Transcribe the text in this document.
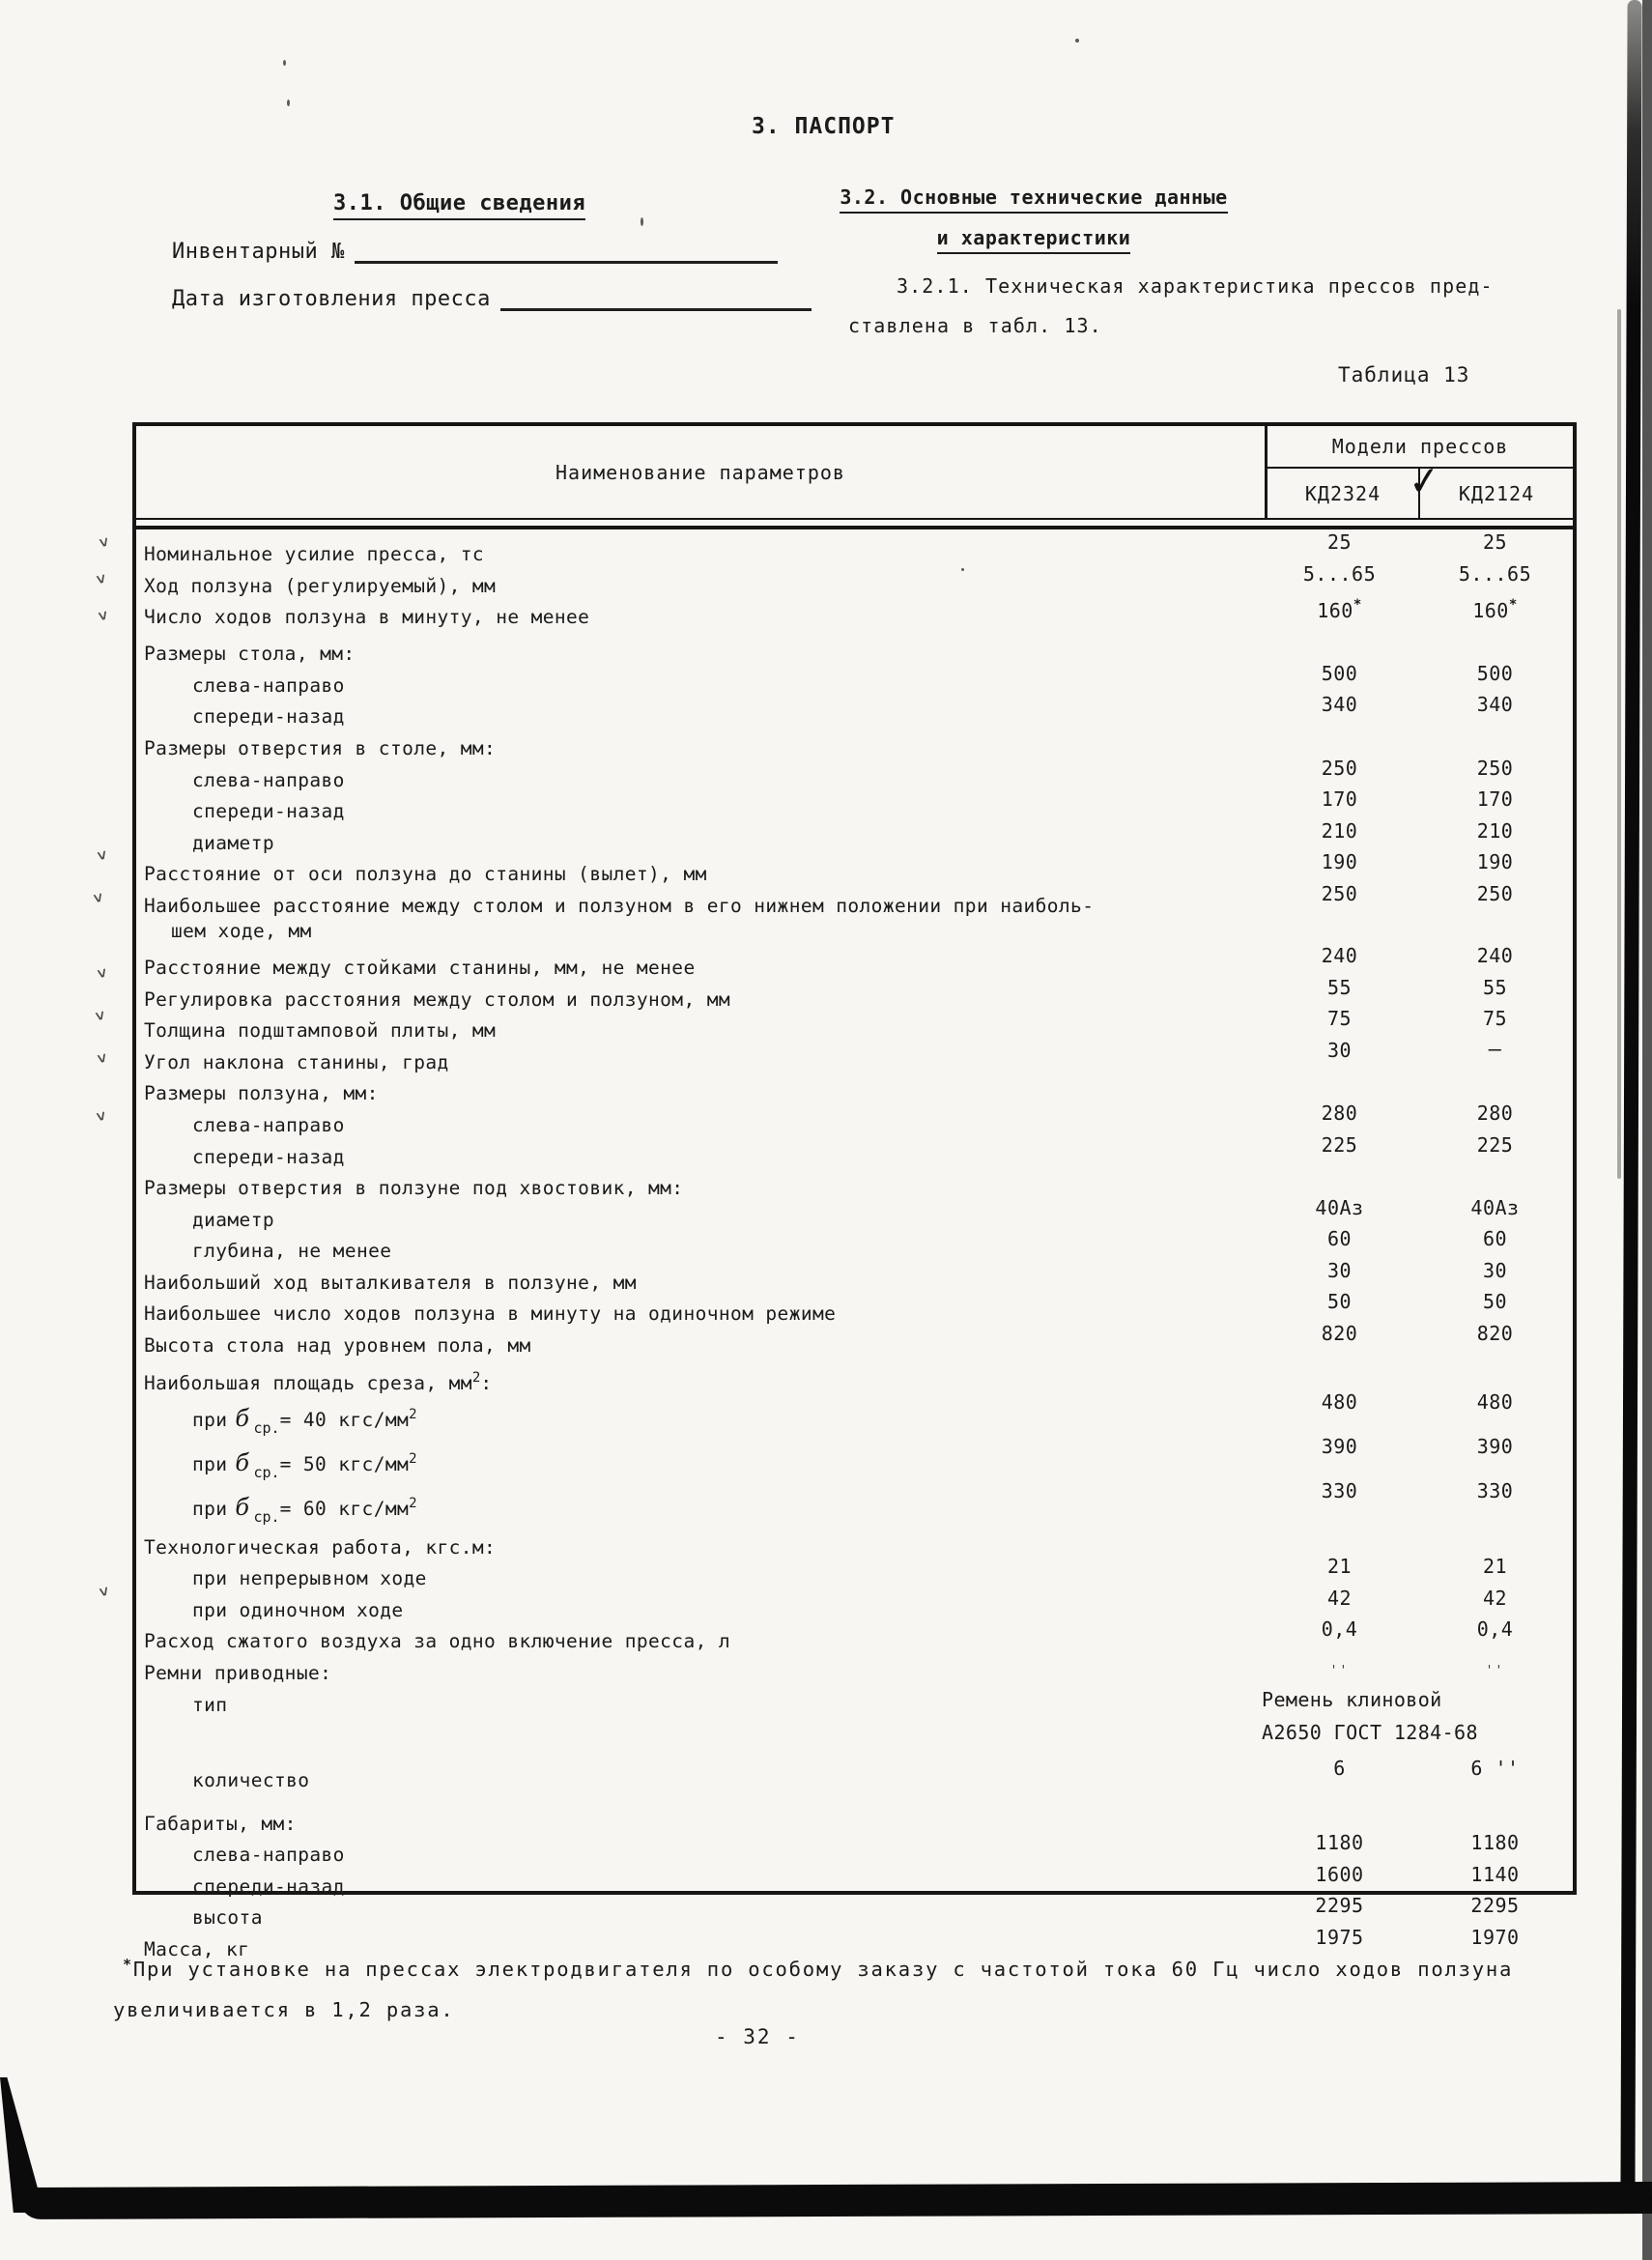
˅
˅
˅
˅
˅
˅
˅
˅
˅
˅
3. ПАСПОРТ
3.1. Общие сведения
Инвентарный №
Дата изготовления пресса
3.2. Основные технические данные
и характеристики
3.2.1. Техническая характеристика прессов пред-
ставлена в табл. 13.
Таблица 13
Наименование параметров
Модели прессов
КД2324	КД2124
✓
Номинальное усилие пресса, тс
25	25
Ход ползуна (регулируемый), мм
5...65	5...65
Число ходов ползуна в минуту, не менее	160*	160*
Размеры стола, мм:
слева-направо
500	500
спереди-назад
340	340
Размеры отверстия в столе, мм:
слева-направо
250	250
спереди-назад
170	170
диаметр
210	210
Расстояние от оси ползуна до станины (вылет), мм
190	190
Наибольшее расстояние между столом и ползуном в его нижнем положении при наиболь-
шем ходе, мм
250	250
Расстояние между стойками станины, мм, не менее
240	240
Регулировка расстояния между столом и ползуном, мм
55	55
Толщина подштамповой плиты, мм
75	75
Угол наклона станины, град
30	–
Размеры ползуна, мм:
слева-направо
280	280
спереди-назад
225	225
Размеры отверстия в ползуне под хвостовик, мм:
диаметр
40Аз	40Аз
глубина, не менее
60	60
Наибольший ход выталкивателя в ползуне, мм
30	30
Наибольшее число ходов ползуна в минуту на одиночном режиме
50	50
Высота стола над уровнем пола, мм
820	820
Наибольшая площадь среза, $мм^2$:
при б $_{ср.}$= 40 кгс/$мм^2$
480	480
при б $_{ср.}$= 50 кгс/$мм^2$
390	390
при б $_{ср.}$= 60 кгс/$мм^2$
330	330
Технологическая работа, кгс.м:
при непрерывном ходе
21	21
при одиночном ходе
42	42
Расход сжатого воздуха за одно включение пресса, л
0,4	0,4
Ремни приводные:	''	''
тип	Ремень клиновой
А2650 ГОСТ 1284-68
количество
6	6 ''
Габариты, мм:
слева-направо
1180	1180
спереди-назад
1600	1140
высота
2295	2295
Масса, кг
1975	1970
*При установке на прессах электродвигателя по особому заказу с частотой тока 60 Гц число ходов ползуна
увеличивается в 1,2 раза.
- 32 -
